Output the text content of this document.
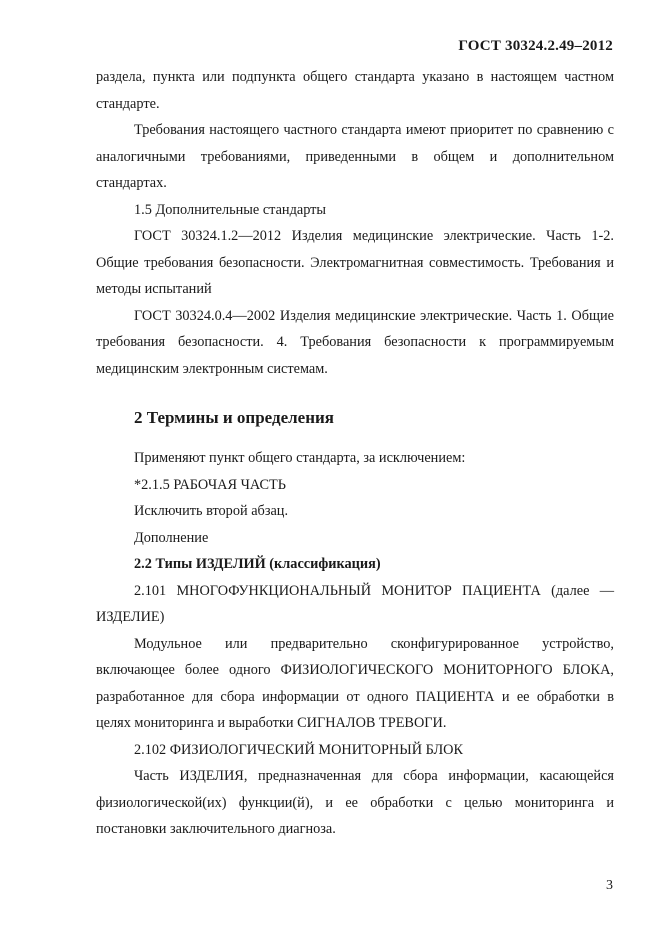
ГОСТ 30324.2.49–2012

раздела, пункта или подпункта общего стандарта указано в настоящем частном стандарте.

Требования настоящего частного стандарта имеют приоритет по сравнению с аналогичными требованиями, приведенными в общем и дополнительном стандартах.

1.5 Дополнительные стандарты

ГОСТ 30324.1.2—2012 Изделия медицинские электрические. Часть 1-2. Общие требования безопасности. Электромагнитная совместимость. Требования и методы испытаний

ГОСТ 30324.0.4—2002 Изделия медицинские электрические. Часть 1. Общие требования безопасности. 4. Требования безопасности к программируемым медицинским электронным системам.

2 Термины и определения

Применяют пункт общего стандарта, за исключением:

*2.1.5 РАБОЧАЯ ЧАСТЬ

Исключить второй абзац.

Дополнение

2.2 Типы ИЗДЕЛИЙ (классификация)

2.101 МНОГОФУНКЦИОНАЛЬНЫЙ МОНИТОР ПАЦИЕНТА (далее — ИЗДЕЛИЕ)

Модульное или предварительно сконфигурированное устройство, включающее более одного ФИЗИОЛОГИЧЕСКОГО МОНИТОРНОГО БЛОКА, разработанное для сбора информации от одного ПАЦИЕНТА и ее обработки в целях мониторинга и выработки СИГНАЛОВ ТРЕВОГИ.

2.102 ФИЗИОЛОГИЧЕСКИЙ МОНИТОРНЫЙ БЛОК

Часть ИЗДЕЛИЯ, предназначенная для сбора информации, касающейся физиологической(их) функции(й), и ее обработки с целью мониторинга и постановки заключительного диагноза.

3
